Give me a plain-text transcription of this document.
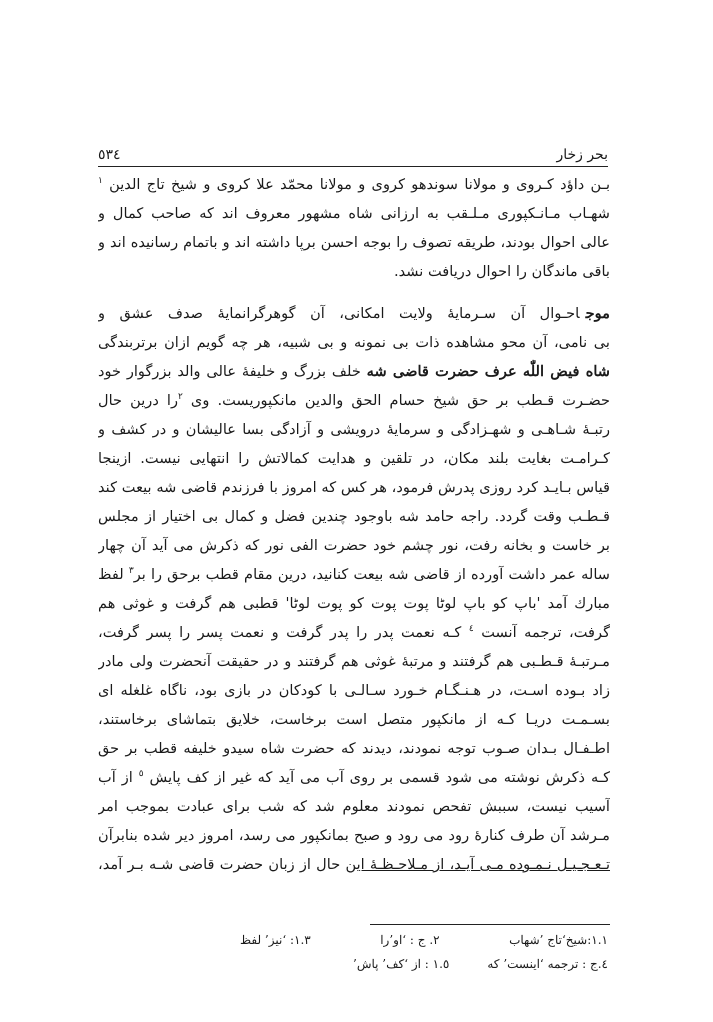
٥٣٤	بحر زخار
بـن داؤد کـروی و مولانا سوندھو کروی و مولانا محمّد علا کروی و شیخ تاج الدین $^١$
شهـاب مـانـکپوری مـلـقب به ارزانی شاه مشهور معروف اند که صاحب کمال و
عالی احوال بودند، طریقه تصوف را بوجه احسن برپا داشته اند و باتمام رسانیده اند و
باقی ماندگان را احوال دریافت نشد.
موجاحـوال آن سـرمایۀ ولایت امکانی، آن گوهرگرانمایۀ صدف عشق و
بی نامی، آن محو مشاهده ذات بی نمونه و بی شبیه، هر چه گویم ازان برتربندگی
شاه فیض اللّٰه عرف حضرت قاضی شه خلف بزرگ و خلیفۀ عالی والد بزرگوار خود
حضـرت قـطب بر حق شیخ حسام الحق والدین مانکپوریست. وی $^٢$را درین حال
رتبـۀ شـاهـی و شهـزادگی و سرمایۀ درویشی و آزادگی بسا عالیشان و در کشف و
کـرامـت بغایت بلند مکان، در تلقین و هدایت کمالاتش را انتهایی نیست. ازینجا
قیاس بـایـد کرد روزی پدرش فرمود، هر کس که امروز با فرزندم قاضی شه بیعت کند
قـطـب وقت گردد. راجه حامد شه باوجود چندین فضل و کمال بی اختیار از مجلس
بر خاست و بخانه رفت، نور چشم خود حضرت الفی نور که ذکرش می آید آن چهار
ساله عمر داشت آورده از قاضی شه بیعت کنانید، درین مقام قطب برحق را بر$^٣$ لفظ
مبارك آمد 'باپ کو باپ لوٹا پوت پوت کو پوت لوٹا' قطبی هم گرفت و غوثی هم
گرفت، ترجمه آنست $^٤$ کـه نعمت پدر را پدر گرفت و نعمت پسر را پسر گرفت،
مـرتبـۀ قـطـبی هم گرفتند و مرتبۀ غوثی هم گرفتند و در حقیقت آنحضرت ولی مادر
زاد بـوده اسـت، در هـنـگـام خـورد سـالـی با کودکان در بازی بود، ناگاه غلغله ای
بسـمـت دریـا کـه از مانکپور متصل است برخاست، خلایق بتماشای برخاستند،
اطـفـال بـدان صـوب توجه نمودند، دیدند که حضرت شاه سیدو خلیفه قطب بر حق
کـه ذکرش نوشته می شود قسمی بر روی آب می آید که غیر از کف پایش $^٥$ از آب
آسیب نیست، سببش تفحص نمودند معلوم شد که شب برای عبادت بموجب امر
مـرشد آن طرف کنارۀ رود می رود و صبح بمانکپور می رسد، امروز دیر شده بنابرآن
تـعـجـیـل نـمـوده مـی آیـد، از مـلاحـظـۀ این حال از زبان حضرت قاضی شـه بـر آمد،
١.١:شیخ‘تاج ’شهاب
٢. ج : ‘او’را
١.٣: ‘نیز’ لفظ
٤.ج : ترجمه ‘اینست’ که
١.٥ : از ‘کف’ پاش’
